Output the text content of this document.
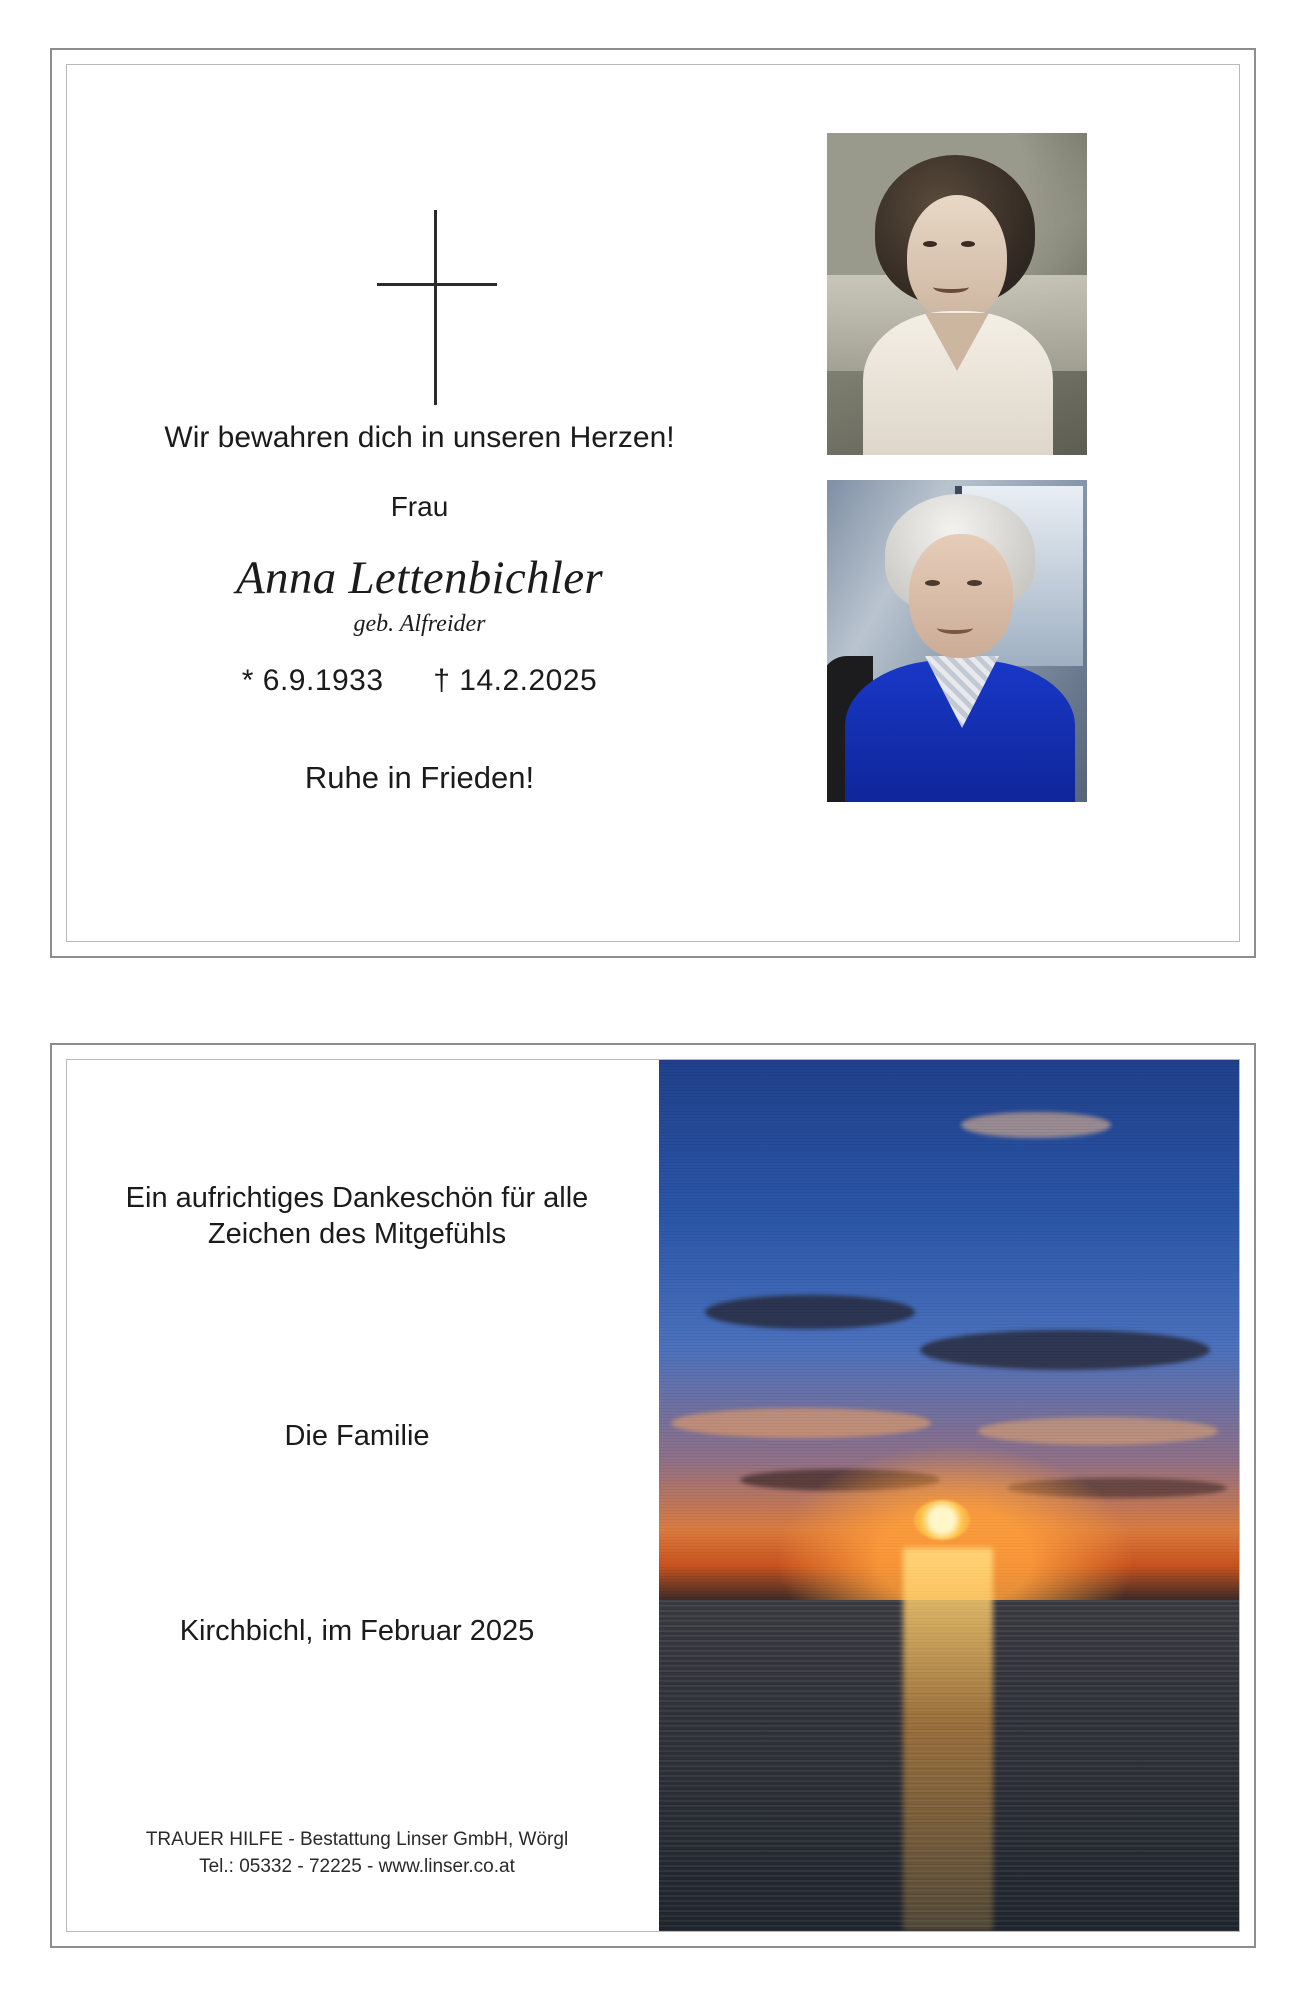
Wir bewahren dich in unseren Herzen!
Frau
Anna Lettenbichler
geb. Alfreider
* 6.9.1933 † 14.2.2025
Ruhe in Frieden!
Ein aufrichtiges Dankeschön für alle Zeichen des Mitgefühls
Die Familie
Kirchbichl, im Februar 2025
TRAUER HILFE - Bestattung Linser GmbH, Wörgl
Tel.: 05332 - 72225 - www.linser.co.at
